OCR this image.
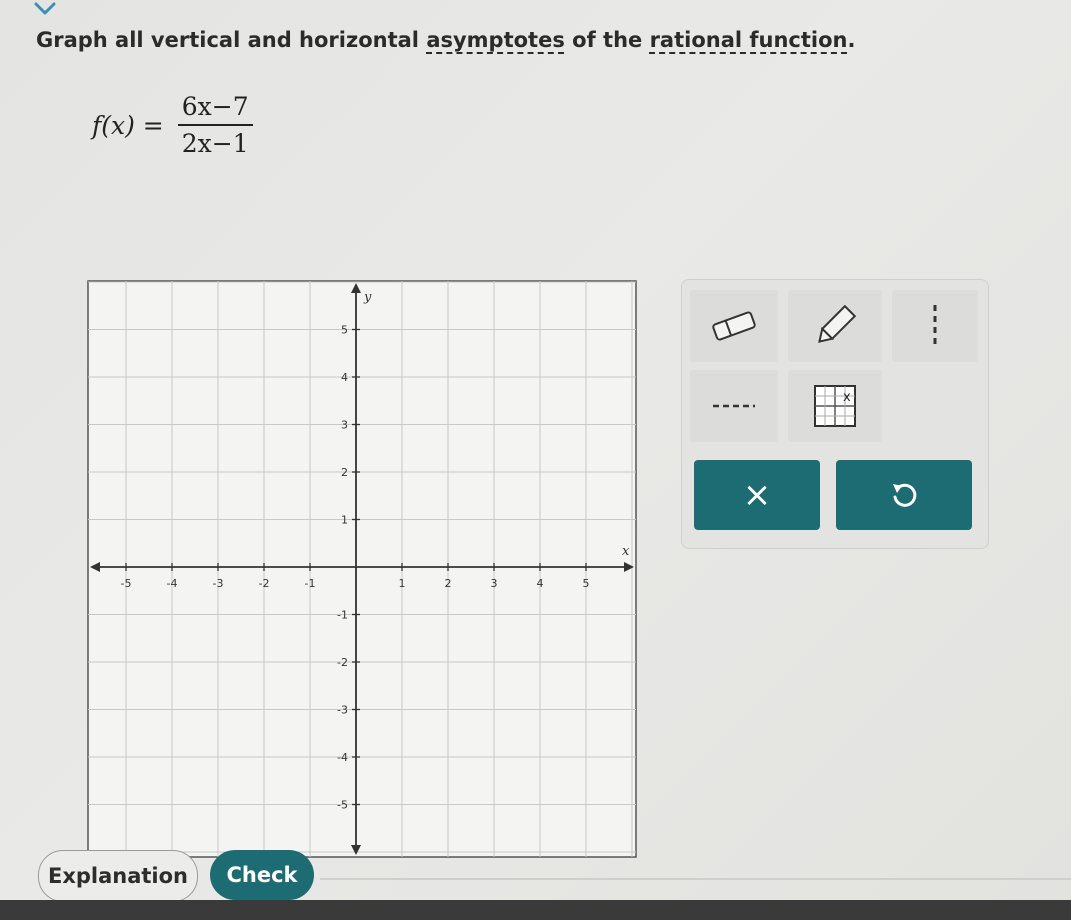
Graph all vertical and horizontal asymptotes of the rational function.
$f(x) = \frac{6x-7}{2x-1}$
-5	-4	-3	-2	-1	1	2	3	4	5
5
4
3
2
1
-1
-2
-3
-4
-5
x
y
x
×
Explanation	Check
